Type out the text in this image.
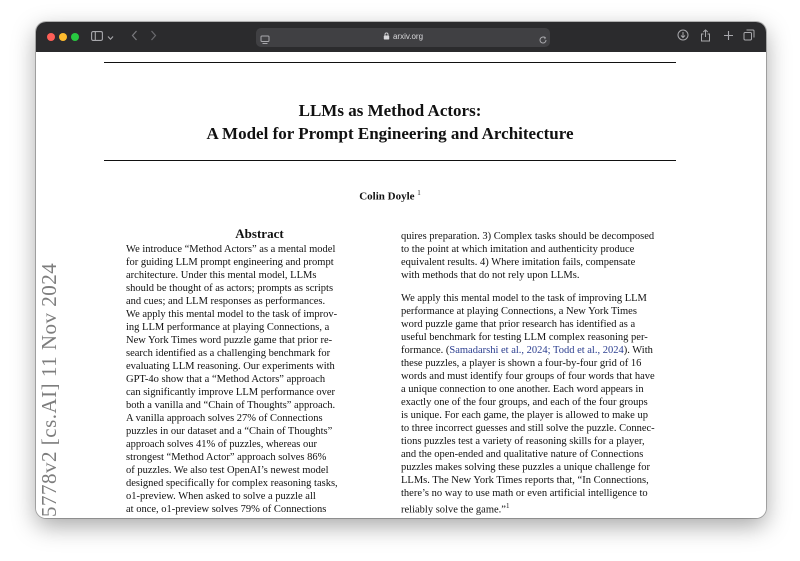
arxiv.org
5778v2 [cs.AI] 11 Nov 2024
LLMs as Method Actors:
A Model for Prompt Engineering and Architecture
Colin Doyle $^1$
Abstract
We introduce “Method Actors” as a mental model
for guiding LLM prompt engineering and prompt
architecture. Under this mental model, LLMs
should be thought of as actors; prompts as scripts
and cues; and LLM responses as performances.
We apply this mental model to the task of improv-
ing LLM performance at playing Connections, a
New York Times word puzzle game that prior re-
search identified as a challenging benchmark for
evaluating LLM reasoning. Our experiments with
GPT-4o show that a “Method Actors” approach
can significantly improve LLM performance over
both a vanilla and “Chain of Thoughts” approach.
A vanilla approach solves 27% of Connections
puzzles in our dataset and a “Chain of Thoughts”
approach solves 41% of puzzles, whereas our
strongest “Method Actor” approach solves 86%
of puzzles. We also test OpenAI’s newest model
designed specifically for complex reasoning tasks,
o1-preview. When asked to solve a puzzle all
at once, o1-preview solves 79% of Connections
quires preparation. 3) Complex tasks should be decomposed
to the point at which imitation and authenticity produce
equivalent results. 4) Where imitation fails, compensate
with methods that do not rely upon LLMs.
We apply this mental model to the task of improving LLM
performance at playing Connections, a New York Times
word puzzle game that prior research has identified as a
useful benchmark for testing LLM complex reasoning per-
formance. (Samadarshi et al., 2024; Todd et al., 2024). With
these puzzles, a player is shown a four-by-four grid of 16
words and must identify four groups of four words that have
a unique connection to one another. Each word appears in
exactly one of the four groups, and each of the four groups
is unique. For each game, the player is allowed to make up
to three incorrect guesses and still solve the puzzle. Connec-
tions puzzles test a variety of reasoning skills for a player,
and the open-ended and qualitative nature of Connections
puzzles makes solving these puzzles a unique challenge for
LLMs. The New York Times reports that, “In Connections,
there’s no way to use math or even artificial intelligence to
reliably solve the game.”$^1$
